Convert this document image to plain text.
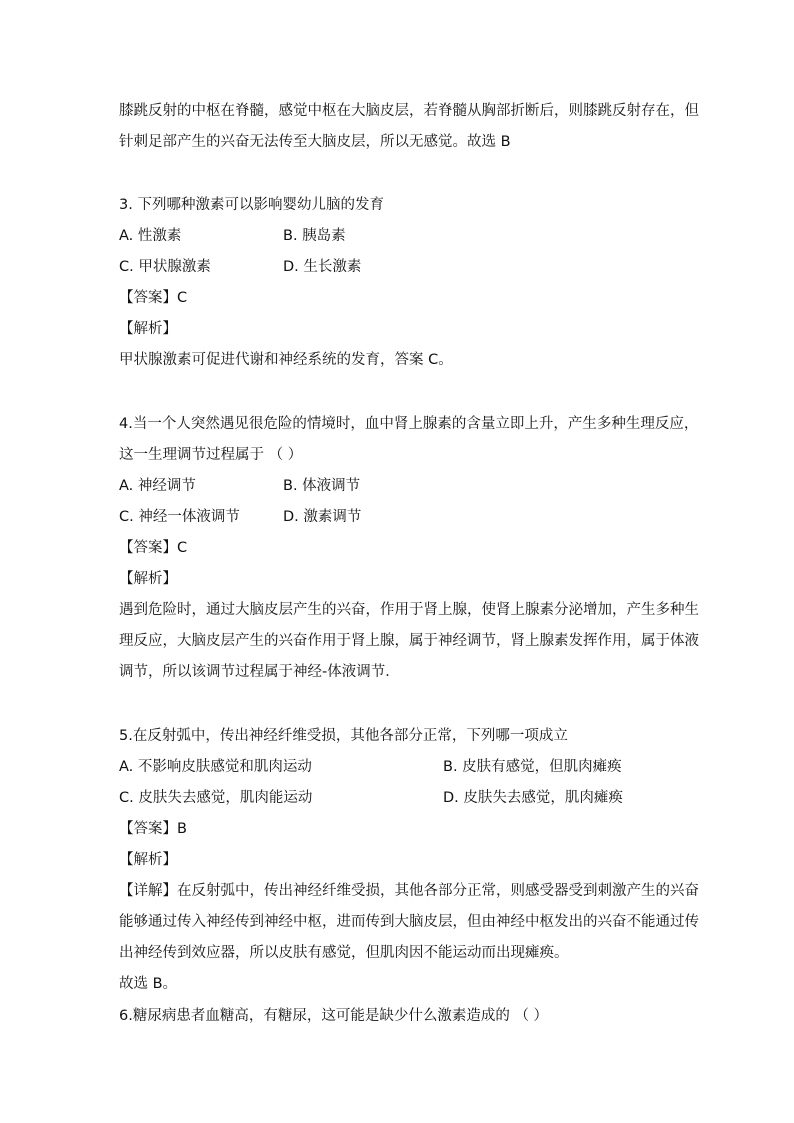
膝跳反射的中枢在脊髓，感觉中枢在大脑皮层，若脊髓从胸部折断后，则膝跳反射存在，但
针刺足部产生的兴奋无法传至大脑皮层，所以无感觉。故选 B
3. 下列哪种激素可以影响婴幼儿脑的发育
A. 性激素	B. 胰岛素
C. 甲状腺激素	D. 生长激素
【答案】C
【解析】
甲状腺激素可促进代谢和神经系统的发育，答案 C。
4.当一个人突然遇见很危险的情境时，血中肾上腺素的含量立即上升，产生多种生理反应，
这一生理调节过程属于 （ ）
A. 神经调节	B. 体液调节
C. 神经一体液调节	D. 激素调节
【答案】C
【解析】
遇到危险时，通过大脑皮层产生的兴奋，作用于肾上腺，使肾上腺素分泌增加，产生多种生
理反应，大脑皮层产生的兴奋作用于肾上腺，属于神经调节，肾上腺素发挥作用，属于体液
调节，所以该调节过程属于神经-体液调节．
5.在反射弧中，传出神经纤维受损，其他各部分正常，下列哪一项成立
A. 不影响皮肤感觉和肌肉运动	B. 皮肤有感觉，但肌肉瘫痪
C. 皮肤失去感觉，肌肉能运动	D. 皮肤失去感觉，肌肉瘫痪
【答案】B
【解析】
【详解】在反射弧中，传出神经纤维受损，其他各部分正常，则感受器受到刺激产生的兴奋
能够通过传入神经传到神经中枢，进而传到大脑皮层，但由神经中枢发出的兴奋不能通过传
出神经传到效应器，所以皮肤有感觉，但肌肉因不能运动而出现瘫痪。
故选 B。
6.糖尿病患者血糖高，有糖尿，这可能是缺少什么激素造成的 （ ）
